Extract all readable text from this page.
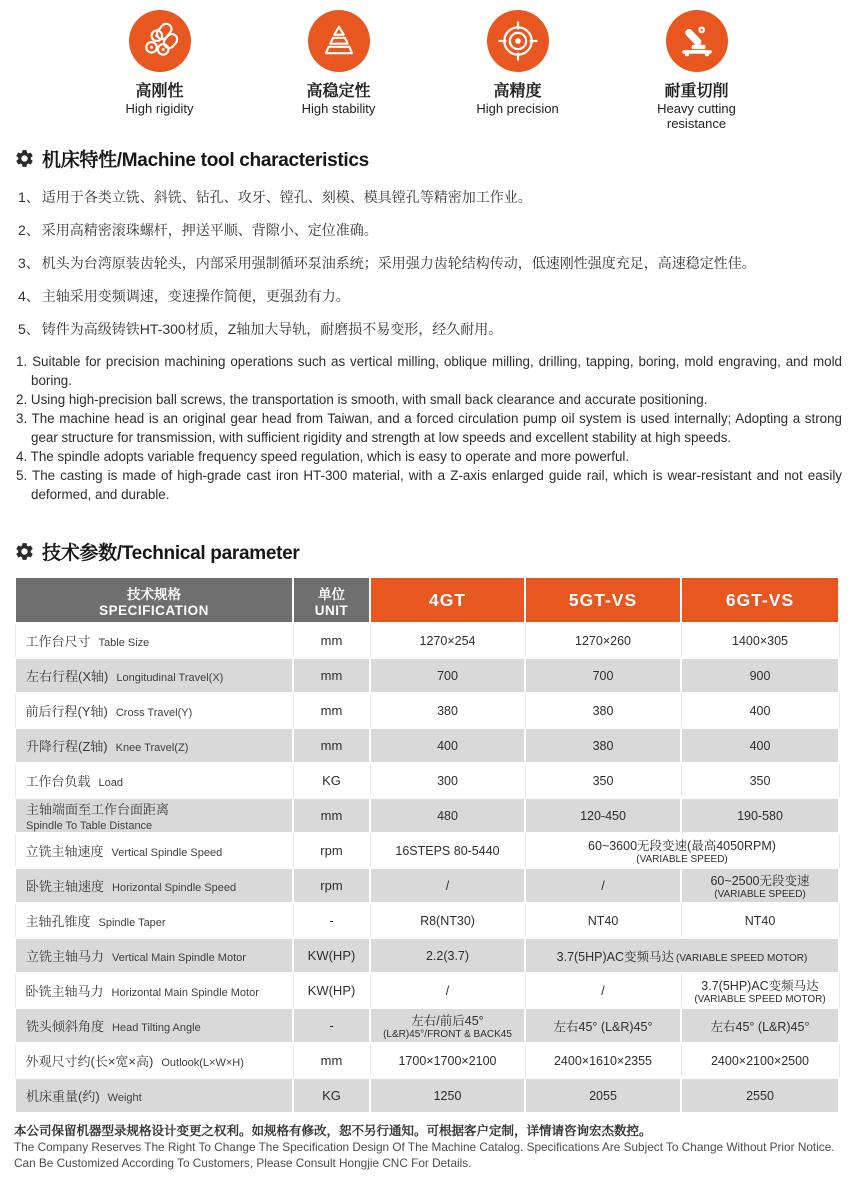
高刚性
High rigidity
高稳定性
High stability
高精度
High precision
耐重切削
Heavy cutting resistance
机床特性/Machine tool characteristics

1、 适用于各类立铣、斜铣、钻孔、攻牙、镗孔、刻模、模具镗孔等精密加工作业。

2、 采用高精密滚珠螺杆，押送平顺、背隙小、定位准确。

3、 机头为台湾原装齿轮头，内部采用强制循环泵油系统；采用强力齿轮结构传动，低速刚性强度充足，高速稳定性佳。

4、 主轴采用变频调速，变速操作简便，更强劲有力。

5、 铸件为高级铸铁HT-300材质，Z轴加大导轨，耐磨损不易变形，经久耐用。

1. Suitable for precision machining operations such as vertical milling, oblique milling, drilling, tapping, boring, mold engraving, and mold boring.

2. Using high-precision ball screws, the transportation is smooth, with small back clearance and accurate positioning.

3. The machine head is an original gear head from Taiwan, and a forced circulation pump oil system is used internally; Adopting a strong gear structure for transmission, with sufficient rigidity and strength at low speeds and excellent stability at high speeds.

4. The spindle adopts variable frequency speed regulation, which is easy to operate and more powerful.

5. The casting is made of high-grade cast iron HT-300 material, with a Z-axis enlarged guide rail, which is wear-resistant and not easily deformed, and durable.

技术参数/Technical parameter
技术规格
SPECIFICATION

单位
UNIT
	4GT	5GT-VS	6GT-VS
工作台尺寸 Table Size	mm	1270×254	1270×260	1400×305
左右行程(X轴) Longitudinal Travel(X)	mm	700	700	900
前后行程(Y轴) Cross Travel(Y)	mm	380	380	400
升降行程(Z轴) Knee Travel(Z)	mm	400	380	400
工作台负载 Load	KG	300	350	350
主轴端面至工作台面距离Spindle To Table Distance	mm	480	120-450	190-580
立铣主轴速度 Vertical Spindle Speed	rpm	16STEPS 80-5440	60~3600无段变速(最高4050RPM)
(VARIABLE SPEED)	

卧铣主轴速度 Horizontal Spindle Speed	rpm	/	/	60~2500无段变速
(VARIABLE SPEED)

主轴孔锥度 Spindle Taper	-	R8(NT30)	NT40	NT40
立铣主轴马力 Vertical Main Spindle Motor	KW(HP)	2.2(3.7)	3.7(5HP)AC变频马达 (VARIABLE SPEED MOTOR)	
卧铣主轴马力 Horizontal Main Spindle Motor	KW(HP)	/	/	3.7(5HP)AC变频马达
(VARIABLE SPEED MOTOR)

铣头倾斜角度 Head Tilting Angle	-	左右/前后45°
(L&R)45°/FRONT & BACK45	左右45° (L&R)45°	左右45° (L&R)45°
外观尺寸约(长×宽×高) Outlook(L×W×H)	mm	1700×1700×2100	2400×1610×2355	2400×2100×2500
机床重量(约) Weight	KG	1250	2055	2550
本公司保留机器型录规格设计变更之权利。如规格有修改，恕不另行通知。可根据客户定制，详情请咨询宏杰数控。
The Company Reserves The Right To Change The Specification Design Of The Machine Catalog. Specifications Are Subject To Change Without Prior Notice. Can Be Customized According To Customers, Please Consult Hongjie CNC For Details.
